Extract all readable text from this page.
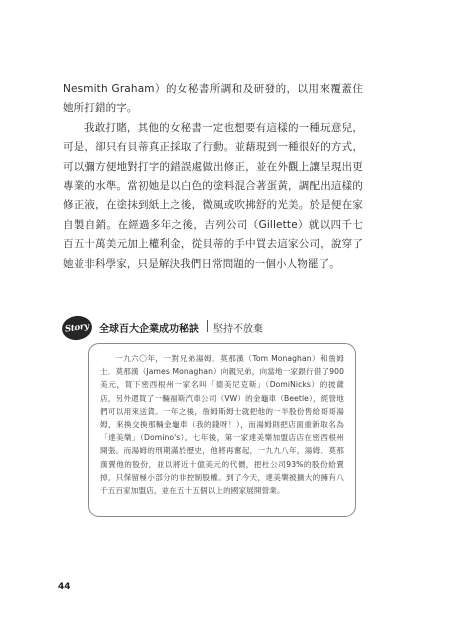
Nesmith Graham）的女秘書所調和及研發的，以用來覆蓋住她所打錯的字。

我敢打賭，其他的女秘書一定也想要有這樣的一種玩意兒，可是，卻只有貝蒂真正採取了行動。並藉現到一種很好的方式，可以彌方便地對打字的錯誤處做出修正，並在外觀上讓呈現出更專業的水準。當初她是以白色的塗料混合著蛋黃，調配出這樣的修正液，在塗抹到紙上之後，微風或吹拂舒的光美。於是便在家自製自銷。在經過多年之後，吉列公司（Gillette）就以四千七百五十萬美元加上權利金，從貝蒂的手中買去這家公司，說穿了她並非科學家，只是解決我們日常問題的一個小人物罷了。

Story 全球百大企業成功秘訣 堅持不放棄

一九六〇年，一對兄弟湯姆．莫那漢（Tom Monaghan）和詹姆士．莫那漢（James Monaghan）向親兄弟，向當地一家銀行借了900美元，買下密西根州一家名叫「德美尼克斯」（DomiNicks）的披薩店，另外還買了一輛福斯汽車公司（VW）的金龜車（Beetle），經營地們可以用來送貨。一年之後，詹姆斯姆士就把他的一半股份售給哥哥湯姆，來換交換那輛金龜車（我的錢呀！），而湯姆則把店面重新取名為「達美樂」（Domino's）。七年後，第一家達美樂加盟店店在密西根州開張。而湯姆的刑期滿於歷史，他將再奮起，一九九八年，湯姆．莫那漢賣他的股份，並以將近十億美元的代價，把杜公司93%的股份給賣掉，只保留極小部分的非控制股權。到了今天，達美樂被擴大的擁有八千五百家加盟店，並在五十五個以上的國家展開營業。

44
